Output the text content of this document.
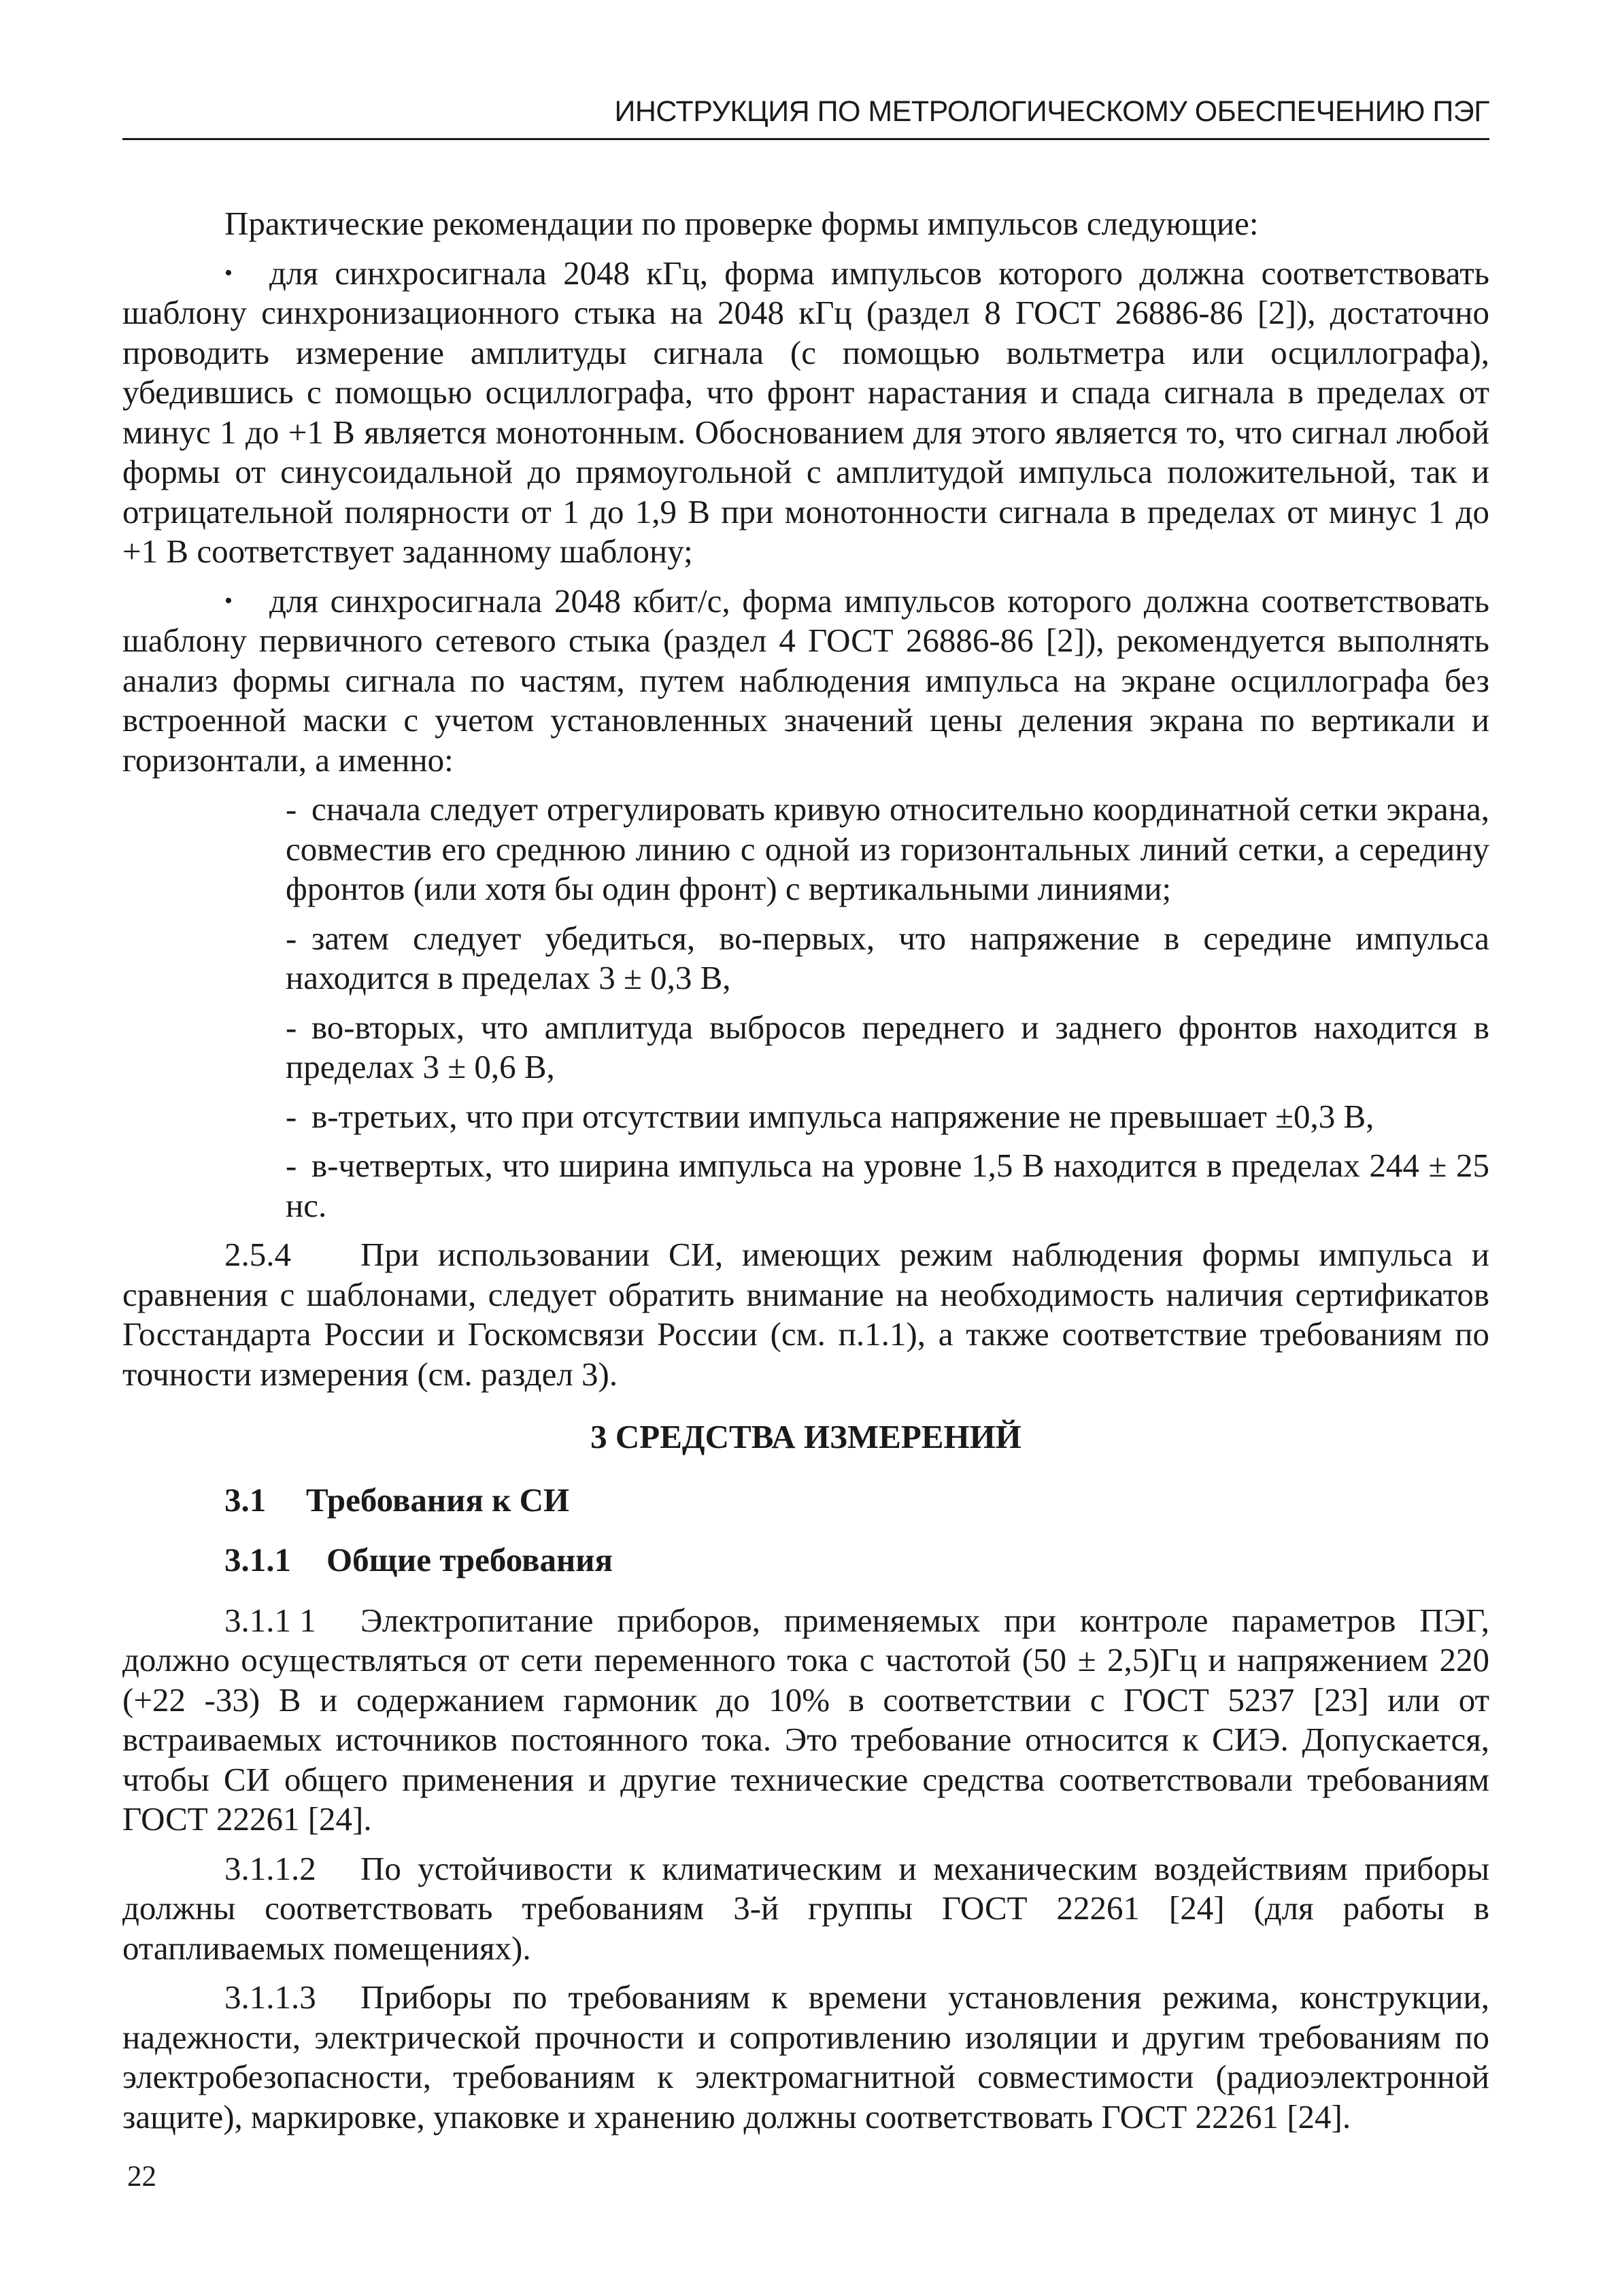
ИНСТРУКЦИЯ ПО МЕТРОЛОГИЧЕСКОМУ ОБЕСПЕЧЕНИЮ ПЭГ

Практические рекомендации по проверке формы импульсов следующие:

• для синхросигнала 2048 кГц, форма импульсов которого должна соответствовать шаблону синхронизационного стыка на 2048 кГц (раздел 8 ГОСТ 26886-86 [2]), достаточно проводить измерение амплитуды сигнала (с помощью вольтметра или осциллографа), убедившись с помощью осциллографа, что фронт нарастания и спада сигнала в пределах от минус 1 до +1 В является монотонным. Обоснованием для этого является то, что сигнал любой формы от синусоидальной до прямоугольной с амплитудой импульса положительной, так и отрицательной полярности от 1 до 1,9 В при монотонности сигнала в пределах от минус 1 до +1 В соответствует заданному шаблону;

• для синхросигнала 2048 кбит/с, форма импульсов которого должна соответствовать шаблону первичного сетевого стыка (раздел 4 ГОСТ 26886-86 [2]), рекомендуется выполнять анализ формы сигнала по частям, путем наблюдения импульса на экране осциллографа без встроенной маски с учетом установленных значений цены деления экрана по вертикали и горизонтали, а именно:

- сначала следует отрегулировать кривую относительно координатной сетки экрана, совместив его среднюю линию с одной из горизонтальных линий сетки, а середину фронтов (или хотя бы один фронт) с вертикальными линиями;

- затем следует убедиться, во-первых, что напряжение в середине импульса находится в пределах 3 ± 0,3 В,

- во-вторых, что амплитуда выбросов переднего и заднего фронтов находится в пределах 3 ± 0,6 В,

- в-третьих, что при отсутствии импульса напряжение не превышает ±0,3 В,

- в-четвертых, что ширина импульса на уровне 1,5 В находится в пределах 244 ± 25 нс.

2.5.4 При использовании СИ, имеющих режим наблюдения формы импульса и сравнения с шаблонами, следует обратить внимание на необходимость наличия сертификатов Госстандарта России и Госкомсвязи России (см. п.1.1), а также соответствие требованиям по точности измерения (см. раздел 3).

3 СРЕДСТВА ИЗМЕРЕНИЙ

3.1 Требования к СИ

3.1.1 Общие требования

3.1.1 1 Электропитание приборов, применяемых при контроле параметров ПЭГ, должно осуществляться от сети переменного тока с частотой (50 ± 2,5)Гц и напряжением 220 (+22 -33) В и содержанием гармоник до 10% в соответствии с ГОСТ 5237 [23] или от встраиваемых источников постоянного тока. Это требование относится к СИЭ. Допускается, чтобы СИ общего применения и другие технические средства соответствовали требованиям ГОСТ 22261 [24].

3.1.1.2 По устойчивости к климатическим и механическим воздействиям приборы должны соответствовать требованиям 3-й группы ГОСТ 22261 [24] (для работы в отапливаемых помещениях).

3.1.1.3 Приборы по требованиям к времени установления режима, конструкции, надежности, электрической прочности и сопротивлению изоляции и другим требованиям по электробезопасности, требованиям к электромагнитной совместимости (радиоэлектронной защите), маркировке, упаковке и хранению должны соответствовать ГОСТ 22261 [24].

22
